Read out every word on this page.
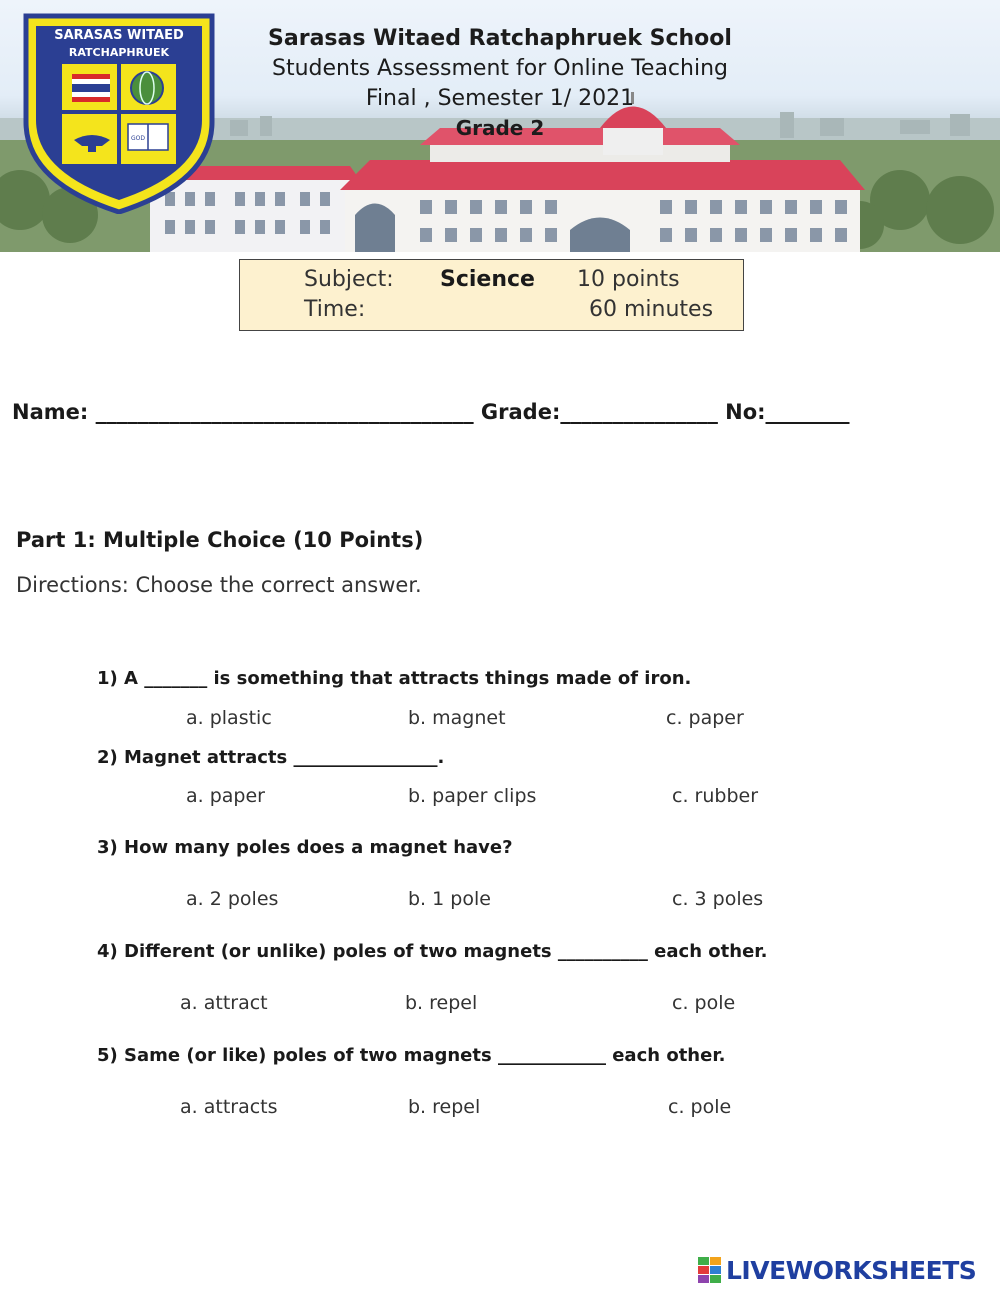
SARASAS WITAED
RATCHAPHRUEK
GOD

Sarasas Witaed Ratchaphruek School

Students Assessment for Online Teaching

Final , Semester 1/ 2021

Grade 2

Subject: Science 10 points
Time:	60 minutes
Name: ____________________________________ Grade:_______________ No:________

Part 1: Multiple Choice (10 Points)

Directions: Choose the correct answer.

1) A _______ is something that attracts things made of iron.

a. plastic	b. magnet	c. paper

2) Magnet attracts ________________.

a. paper	b. paper clips	c. rubber

3) How many poles does a magnet have?

a. 2 poles	b. 1 pole	c. 3 poles

4) Different (or unlike) poles of two magnets __________ each other.

a. attract	b. repel	c. pole

5) Same (or like) poles of two magnets ____________ each other.

a. attracts	b. repel	c. pole
LIVEWORKSHEETS
